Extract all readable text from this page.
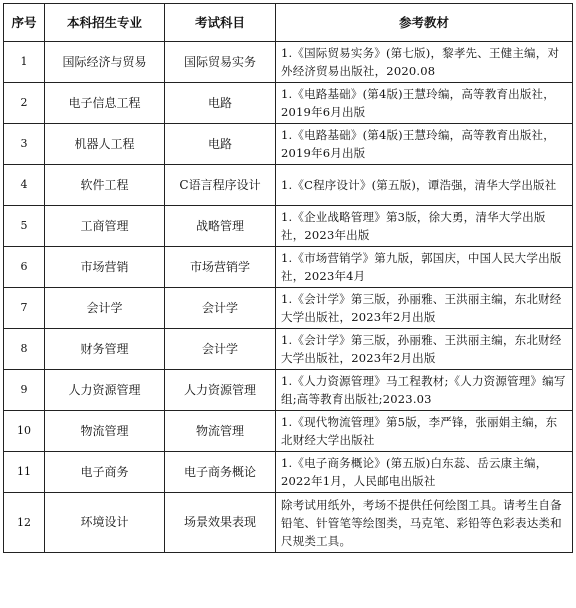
序号	本科招生专业	考试科目	参考教材
1	国际经济与贸易	国际贸易实务	1.《国际贸易实务》(第七版)，黎孝先、王健主编，对外经济贸易出版社，2020.08
2	电子信息工程	电路	1.《电路基础》(第4版)王慧玲编，高等教育出版社，2019年6月出版
3	机器人工程	电路	1.《电路基础》(第4版)王慧玲编，高等教育出版社，2019年6月出版
4	软件工程	C语言程序设计	1.《C程序设计》(第五版)，谭浩强，清华大学出版社
5	工商管理	战略管理	1.《企业战略管理》第3版，徐大勇，清华大学出版社，2023年出版
6	市场营销	市场营销学	1.《市场营销学》第九版，郭国庆，中国人民大学出版社，2023年4月
7	会计学	会计学	1.《会计学》第三版，孙丽雅、王洪丽主编，东北财经大学出版社，2023年2月出版
8	财务管理	会计学	1.《会计学》第三版，孙丽雅、王洪丽主编，东北财经大学出版社，2023年2月出版
9	人力资源管理	人力资源管理	1.《人力资源管理》马工程教材;《人力资源管理》编写组;高等教育出版社;2023.03
10	物流管理	物流管理	1.《现代物流管理》第5版，李严锋，张丽娟主编，东北财经大学出版社
11	电子商务	电子商务概论	1.《电子商务概论》(第五版)白东蕊、岳云康主编，2022年1月，人民邮电出版社
12	环境设计	场景效果表现	除考试用纸外，考场不提供任何绘图工具。请考生自备铅笔、针管笔等绘图类，马克笔、彩铅等色彩表达类和尺规类工具。
